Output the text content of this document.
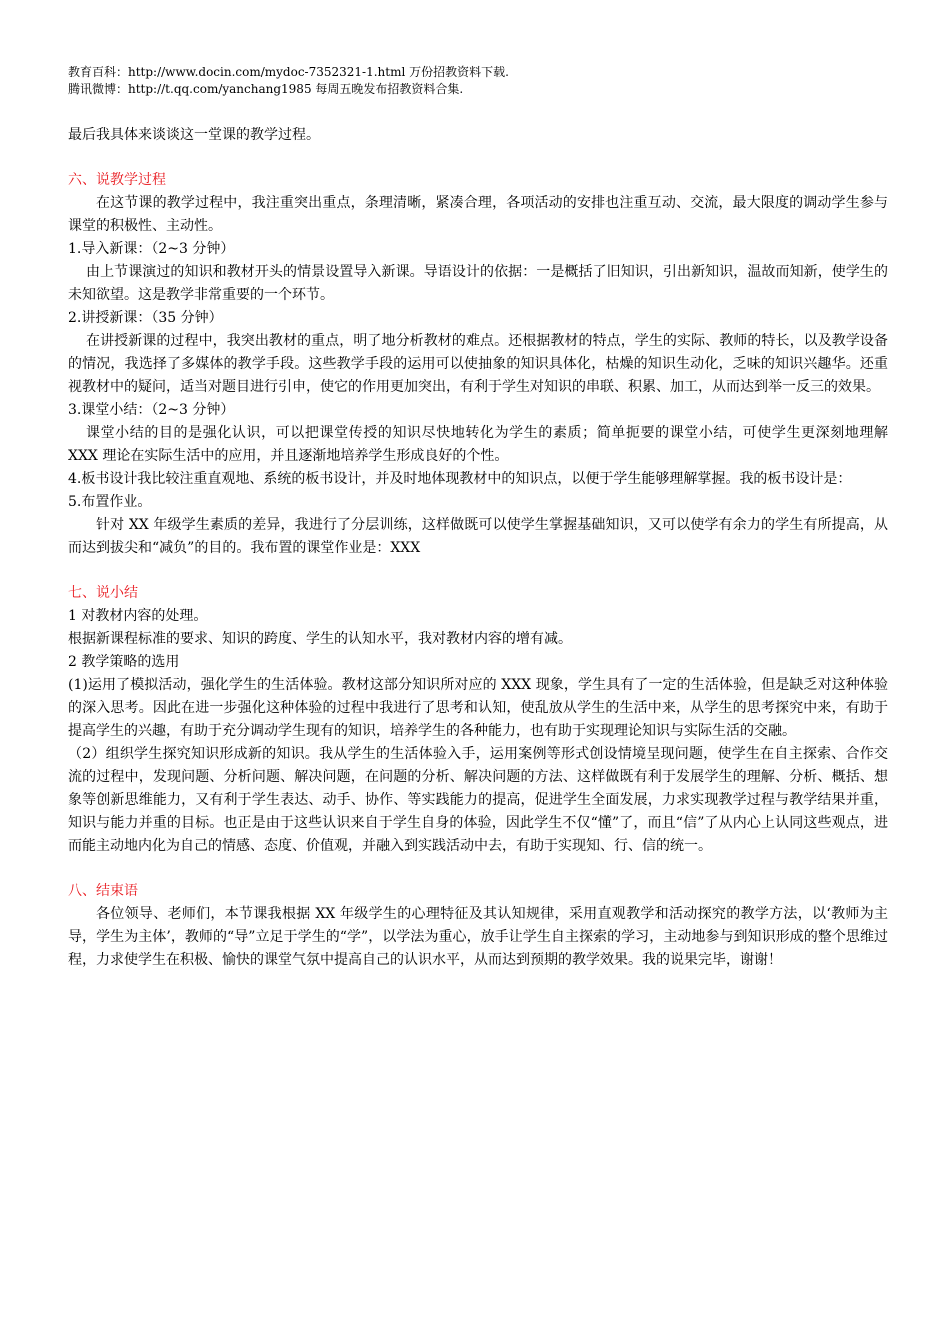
教育百科：http://www.docin.com/mydoc-7352321-1.html 万份招教资料下载.
腾讯微博：http://t.qq.com/yanchang1985 每周五晚发布招教资料合集.

最后我具体来谈谈这一堂课的教学过程。

六、说教学过程

在这节课的教学过程中，我注重突出重点，条理清晰，紧凑合理，各项活动的安排也注重互动、交流，最大限度的调动学生参与课堂的积极性、主动性。

1.导入新课：（2~3 分钟）

由上节课演过的知识和教材开头的情景设置导入新课。导语设计的依据：一是概括了旧知识，引出新知识，温故而知新，使学生的未知欲望。这是教学非常重要的一个环节。

2.讲授新课：（35 分钟）

在讲授新课的过程中，我突出教材的重点，明了地分析教材的难点。还根据教材的特点，学生的实际、教师的特长，以及教学设备的情况，我选择了多媒体的教学手段。这些教学手段的运用可以使抽象的知识具体化，枯燥的知识生动化，乏味的知识兴趣华。还重视教材中的疑问，适当对题目进行引申，使它的作用更加突出，有利于学生对知识的串联、积累、加工，从而达到举一反三的效果。

3.课堂小结：（2~3 分钟）

课堂小结的目的是强化认识，可以把课堂传授的知识尽快地转化为学生的素质；简单扼要的课堂小结，可使学生更深刻地理解 XXX 理论在实际生活中的应用，并且逐渐地培养学生形成良好的个性。

4.板书设计我比较注重直观地、系统的板书设计，并及时地体现教材中的知识点，以便于学生能够理解掌握。我的板书设计是：

5.布置作业。

针对 XX 年级学生素质的差异，我进行了分层训练，这样做既可以使学生掌握基础知识，又可以使学有余力的学生有所提高，从而达到拔尖和“减负”的目的。我布置的课堂作业是：XXX

七、说小结

1 对教材内容的处理。

根据新课程标准的要求、知识的跨度、学生的认知水平，我对教材内容的增有减。

2 教学策略的选用

(1)运用了模拟活动，强化学生的生活体验。教材这部分知识所对应的 XXX 现象，学生具有了一定的生活体验，但是缺乏对这种体验的深入思考。因此在进一步强化这种体验的过程中我进行了思考和认知，使乱放从学生的生活中来，从学生的思考探究中来，有助于提高学生的兴趣，有助于充分调动学生现有的知识，培养学生的各种能力，也有助于实现理论知识与实际生活的交融。

（2）组织学生探究知识形成新的知识。我从学生的生活体验入手，运用案例等形式创设情境呈现问题，使学生在自主探索、合作交流的过程中，发现问题、分析问题、解决问题，在问题的分析、解决问题的方法、这样做既有利于发展学生的理解、分析、概括、想象等创新思维能力，又有利于学生表达、动手、协作、等实践能力的提高，促进学生全面发展，力求实现教学过程与教学结果并重，知识与能力并重的目标。也正是由于这些认识来自于学生自身的体验，因此学生不仅“懂”了，而且“信”了从内心上认同这些观点，进而能主动地内化为自己的情感、态度、价值观，并融入到实践活动中去，有助于实现知、行、信的统一。

八、结束语

各位领导、老师们，本节课我根据 XX 年级学生的心理特征及其认知规律，采用直观教学和活动探究的教学方法，以‘教师为主导，学生为主体’，教师的“导”立足于学生的“学”，以学法为重心，放手让学生自主探索的学习，主动地参与到知识形成的整个思维过程，力求使学生在积极、愉快的课堂气氛中提高自己的认识水平，从而达到预期的教学效果。我的说果完毕，谢谢！
